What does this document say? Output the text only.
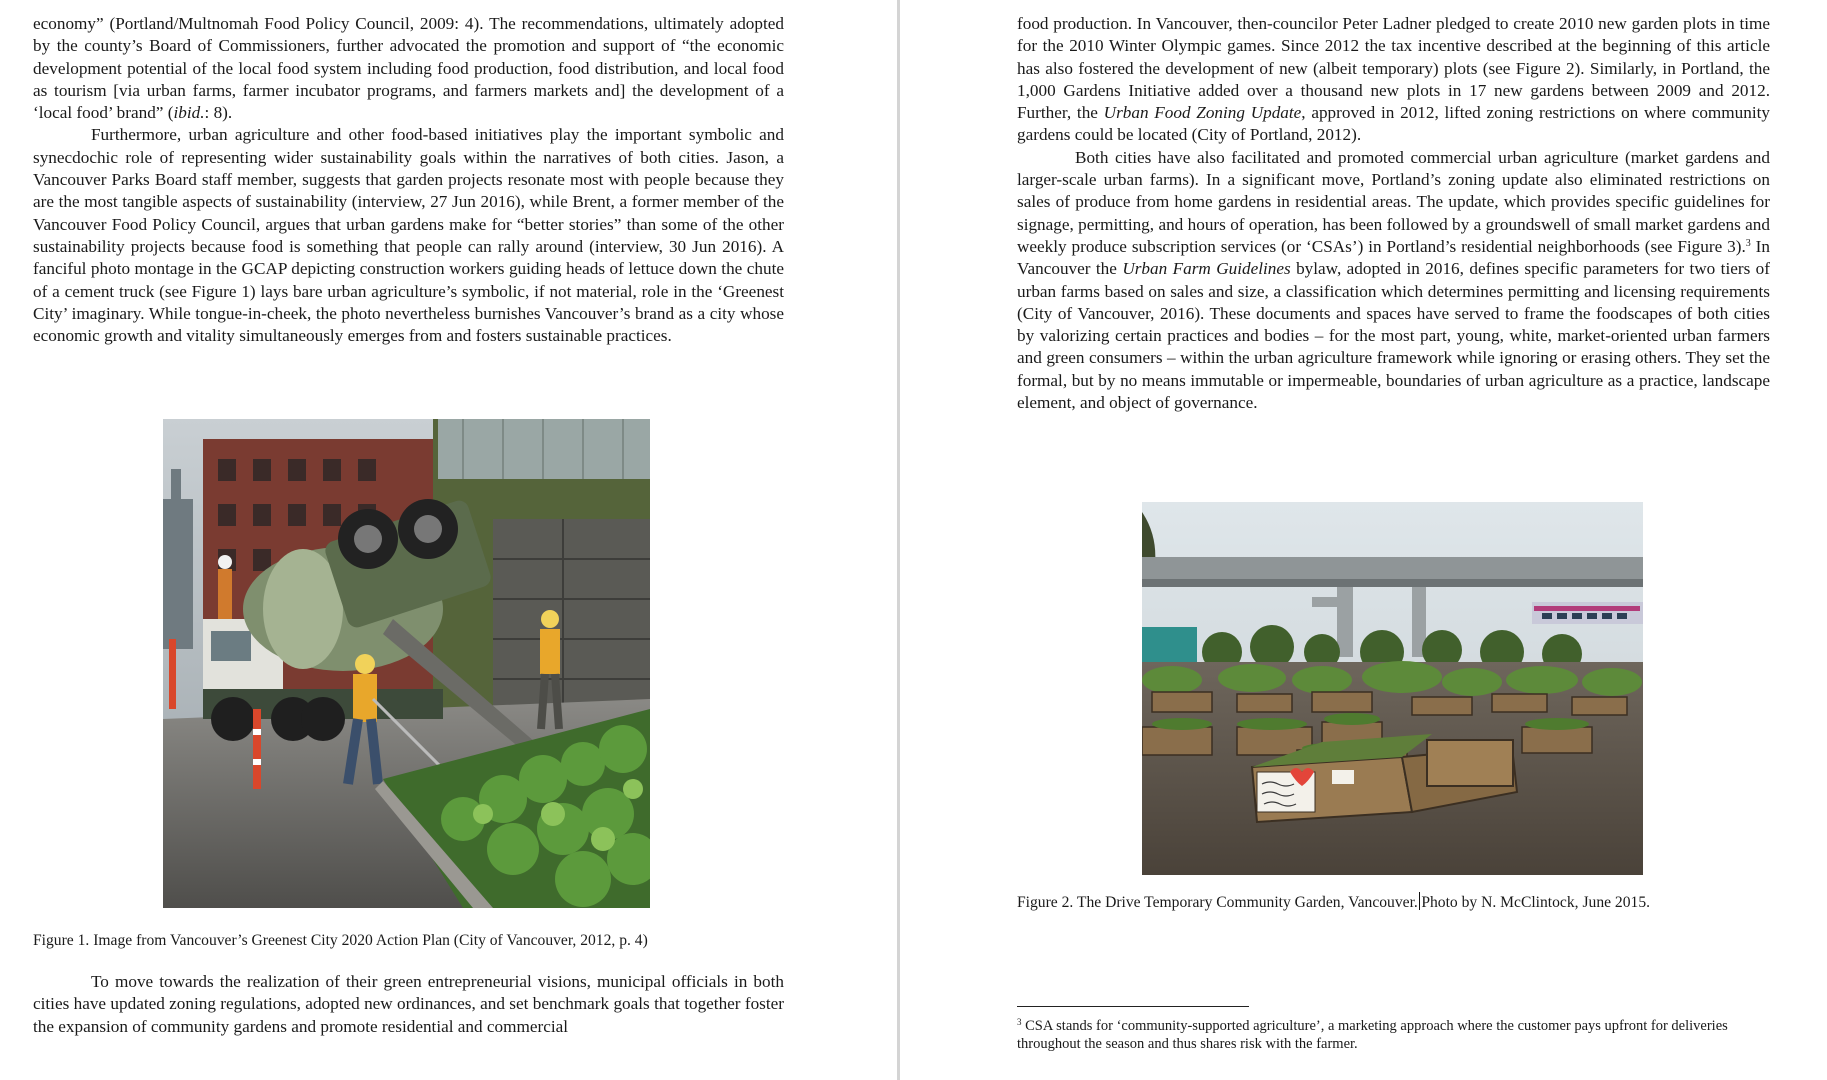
economy” (Portland/Multnomah Food Policy Council, 2009: 4). The recommendations, ultimately adopted by the county’s Board of Commissioners, further advocated the promotion and support of “the economic development potential of the local food system including food production, food distribution, and local food as tourism [via urban farms, farmer incubator programs, and farmers markets and] the development of a ‘local food’ brand” (ibid.: 8).

Furthermore, urban agriculture and other food-based initiatives play the important symbolic and synecdochic role of representing wider sustainability goals within the narratives of both cities. Jason, a Vancouver Parks Board staff member, suggests that garden projects resonate most with people because they are the most tangible aspects of sustainability (interview, 27 Jun 2016), while Brent, a former member of the Vancouver Food Policy Council, argues that urban gardens make for “better stories” than some of the other sustainability projects because food is something that people can rally around (interview, 30 Jun 2016). A fanciful photo montage in the GCAP depicting construction workers guiding heads of lettuce down the chute of a cement truck (see Figure 1) lays bare urban agriculture’s symbolic, if not material, role in the ‘Greenest City’ imaginary. While tongue-in-cheek, the photo nevertheless burnishes Vancouver’s brand as a city whose economic growth and vitality simultaneously emerges from and fosters sustainable practices.

Figure 1. Image from Vancouver’s Greenest City 2020 Action Plan (City of Vancouver, 2012, p. 4)

To move towards the realization of their green entrepreneurial visions, municipal officials in both cities have updated zoning regulations, adopted new ordinances, and set benchmark goals that together foster the expansion of community gardens and promote residential and commercial

food production. In Vancouver, then-councilor Peter Ladner pledged to create 2010 new garden plots in time for the 2010 Winter Olympic games. Since 2012 the tax incentive described at the beginning of this article has also fostered the development of new (albeit temporary) plots (see Figure 2). Similarly, in Portland, the 1,000 Gardens Initiative added over a thousand new plots in 17 new gardens between 2009 and 2012. Further, the Urban Food Zoning Update, approved in 2012, lifted zoning restrictions on where community gardens could be located (City of Portland, 2012).

Both cities have also facilitated and promoted commercial urban agriculture (market gardens and larger-scale urban farms). In a significant move, Portland’s zoning update also eliminated restrictions on sales of produce from home gardens in residential areas. The update, which provides specific guidelines for signage, permitting, and hours of operation, has been followed by a groundswell of small market gardens and weekly produce subscription services (or ‘CSAs’) in Portland’s residential neighborhoods (see Figure 3).$^3$ In Vancouver the Urban Farm Guidelines bylaw, adopted in 2016, defines specific parameters for two tiers of urban farms based on sales and size, a classification which determines permitting and licensing requirements (City of Vancouver, 2016). These documents and spaces have served to frame the foodscapes of both cities by valorizing certain practices and bodies – for the most part, young, white, market-oriented urban farmers and green consumers – within the urban agriculture framework while ignoring or erasing others. They set the formal, but by no means immutable or impermeable, boundaries of urban agriculture as a practice, landscape element, and object of governance.

Figure 2. The Drive Temporary Community Garden, Vancouver. Photo by N. McClintock, June 2015.
$^3$ CSA stands for ‘community-supported agriculture’, a marketing approach where the customer pays upfront for deliveries throughout the season and thus shares risk with the farmer.
